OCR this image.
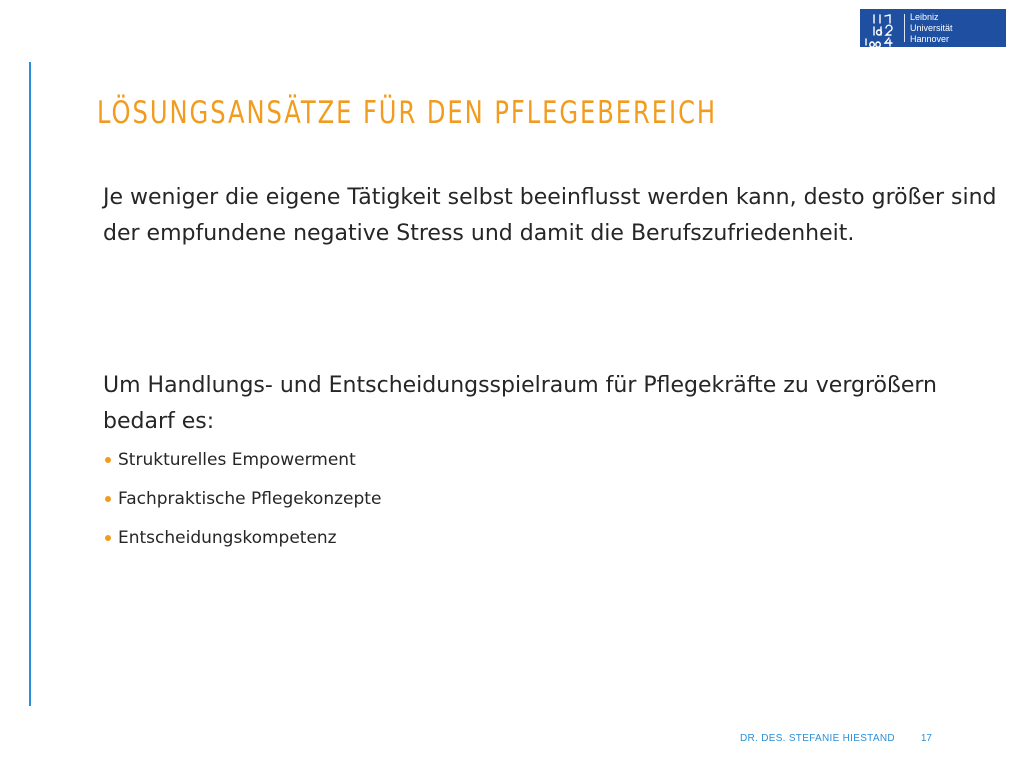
Leibniz
Universität
Hannover
LÖSUNGSANSÄTZE FÜR DEN PFLEGEBEREICH

Je weniger die eigene Tätigkeit selbst beeinflusst werden kann, desto größer sind der empfundene negative Stress und damit die Berufszufriedenheit.

Um Handlungs- und Entscheidungsspielraum für Pflegekräfte zu vergrößern bedarf es:

Strukturelles Empowerment
Fachpraktische Pflegekonzepte
Entscheidungskompetenz
DR. DES. STEFANIE HIESTAND	17
